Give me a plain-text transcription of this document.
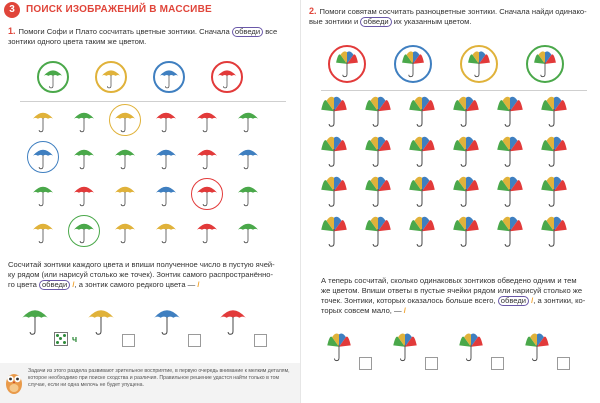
3	ПОИСК ИЗОБРАЖЕНИЙ В МАССИВЕ
1. Помоги Софи и Плато сосчитать цветные зонтики. Сначала обведи все зонтики одного цвета таким же цветом.
Сосчитай зонтики каждого цвета и впиши полученное число в пустую ячей-
ку рядом (или нарисуй столько же точек). Зонтик самого распространённо-
го цвета обведи /, а зонтик самого редкого цвета — /
ч
Задачи из этого раздела развивают зрительное восприятие, в первую очередь внимание к мелким деталям, которое необходимо при поиске сходства и различия. Правильное решение удастся найти только в том случае, если ни одна мелочь не будет упущена.
2. Помоги совятам сосчитать разноцветные зонтики. Сначала найди одинако-вые зонтики и обведи их указанным цветом.
А теперь сосчитай, сколько одинаковых зонтиков обведено одним и тем
же цветом. Впиши ответы в пустые ячейки рядом или нарисуй столько же
точек. Зонтики, которых оказалось больше всего, обведи /, а зонтики, ко-
торых совсем мало, — /
